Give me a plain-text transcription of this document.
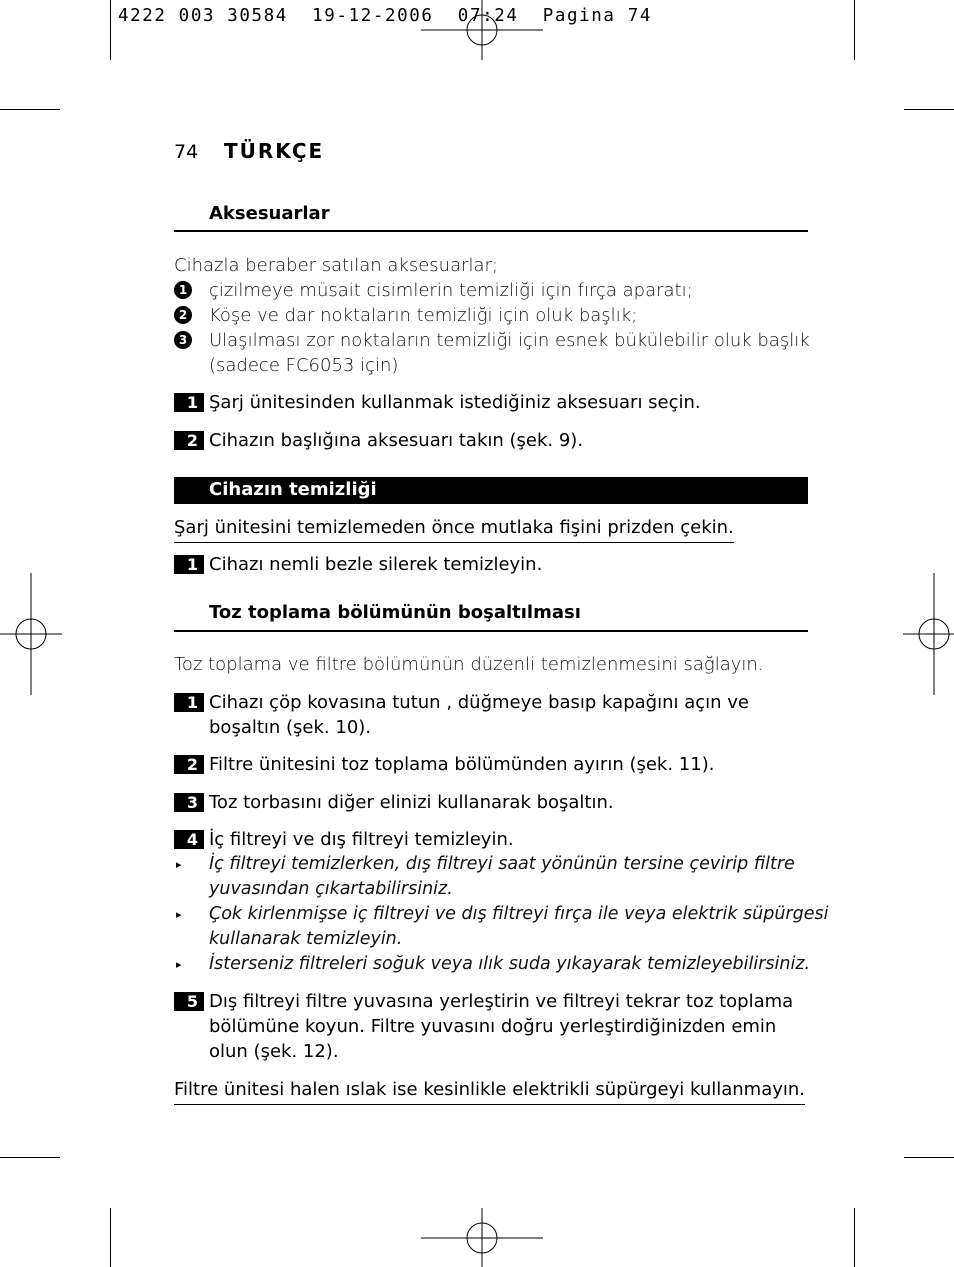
4222 003 30584  19-12-2006  07:24  Pagina 74
74 TÜRKÇE
Aksesuarlar
Cihazla beraber satılan aksesuarlar;
1 çizilmeye müsait cisimlerin temizliği için fırça aparatı;
2 Köşe ve dar noktaların temizliği için oluk başlık;
3 Ulaşılması zor noktaların temizliği için esnek bükülebilir oluk başlık
(sadece FC6053 için)
1 Şarj ünitesinden kullanmak istediğiniz aksesuarı seçin.
2 Cihazın başlığına aksesuarı takın (şek. 9).
Cihazın temizliği
Şarj ünitesini temizlemeden önce mutlaka fişini prizden çekin.
1 Cihazı nemli bezle silerek temizleyin.
Toz toplama bölümünün boşaltılması
Toz toplama ve filtre bölümünün düzenli temizlenmesini sağlayın.
1 Cihazı çöp kovasına tutun , düğmeye basıp kapağını açın ve
boşaltın (şek. 10).
2 Filtre ünitesini toz toplama bölümünden ayırın (şek. 11).
3 Toz torbasını diğer elinizi kullanarak boşaltın.
4 İç filtreyi ve dış filtreyi temizleyin.
▸ İç filtreyi temizlerken, dış filtreyi saat yönünün tersine çevirip filtre
yuvasından çıkartabilirsiniz.
▸ Çok kirlenmişse iç filtreyi ve dış filtreyi fırça ile veya elektrik süpürgesi
kullanarak temizleyin.
▸ İsterseniz filtreleri soğuk veya ılık suda yıkayarak temizleyebilirsiniz.
5 Dış filtreyi filtre yuvasına yerleştirin ve filtreyi tekrar toz toplama
bölümüne koyun. Filtre yuvasını doğru yerleştirdiğinizden emin
olun (şek. 12).
Filtre ünitesi halen ıslak ise kesinlikle elektrikli süpürgeyi kullanmayın.
